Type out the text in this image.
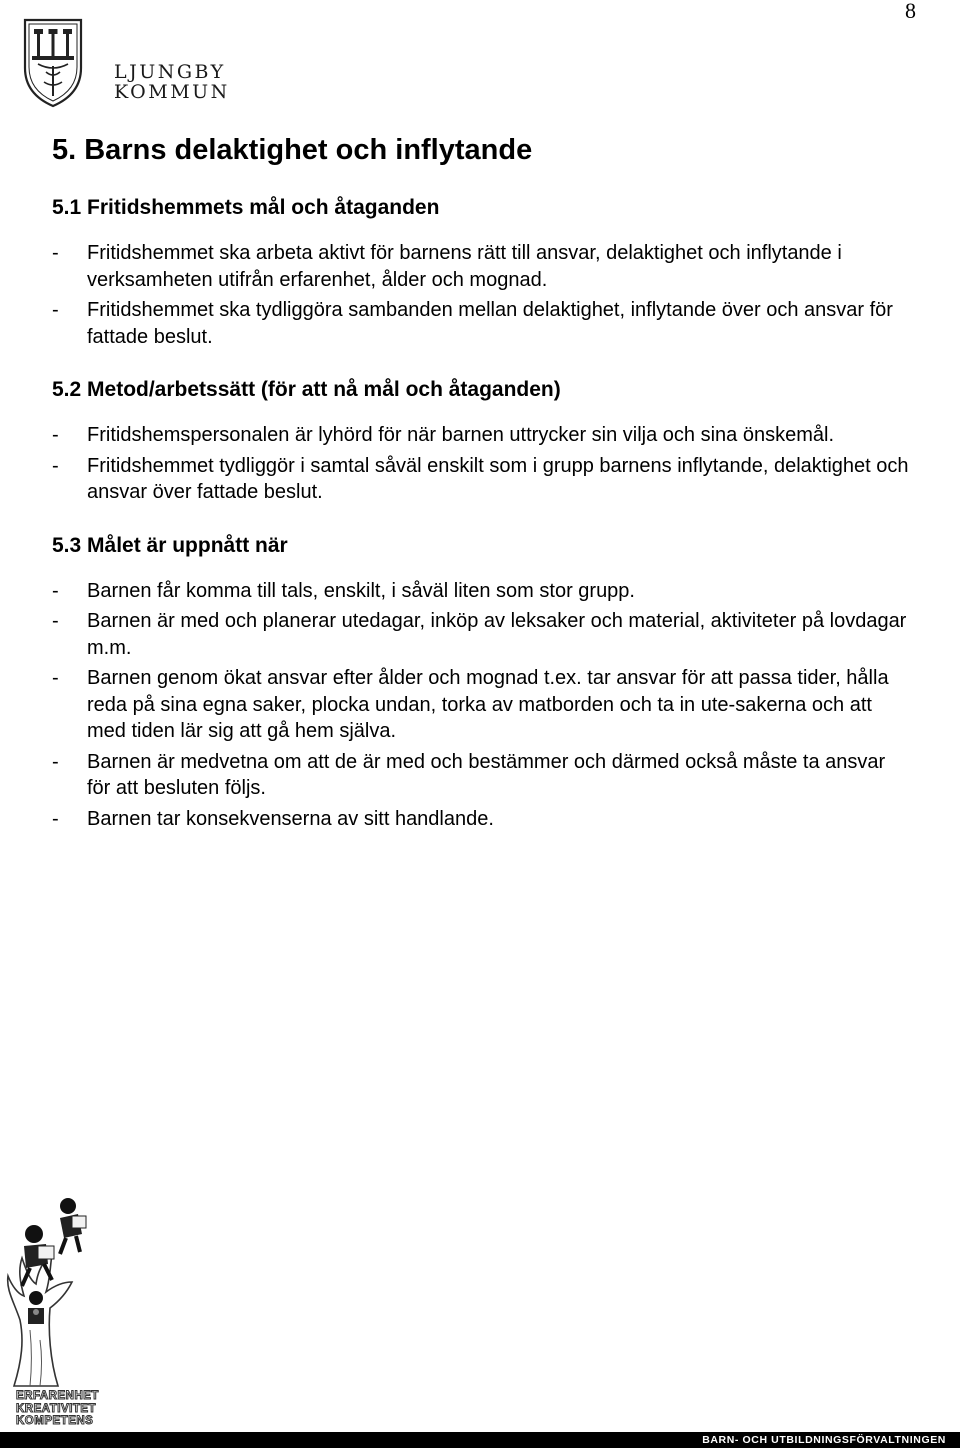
8
LJUNGBY
KOMMUN
5. Barns delaktighet och inflytande
5.1 Fritidshemmets mål och åtaganden
- Fritidshemmet ska arbeta aktivt för barnens rätt till ansvar, delaktighet och inflytande i verksamheten utifrån erfarenhet, ålder och mognad.
- Fritidshemmet ska tydliggöra sambanden mellan delaktighet, inflytande över och ansvar för fattade beslut.
5.2 Metod/arbetssätt (för att nå mål och åtaganden)
- Fritidshemspersonalen är lyhörd för när barnen uttrycker sin vilja och sina önskemål.
- Fritidshemmet tydliggör i samtal såväl enskilt som i grupp barnens inflytande, delaktighet och ansvar över fattade beslut.
5.3 Målet är uppnått när
- Barnen får komma till tals, enskilt, i såväl liten som stor grupp.
- Barnen är med och planerar utedagar, inköp av leksaker och material, aktiviteter på lovdagar m.m.
- Barnen genom ökat ansvar efter ålder och mognad t.ex. tar ansvar för att passa tider, hålla reda på sina egna saker, plocka undan, torka av matborden och ta in ute-sakerna och att med tiden lär sig att gå hem själva.
- Barnen är medvetna om att de är med och bestämmer och därmed också måste ta ansvar för att besluten följs.
- Barnen tar konsekvenserna av sitt handlande.
ERFARENHET
KREATIVITET
KOMPETENS
BARN- OCH UTBILDNINGSFÖRVALTNINGEN
